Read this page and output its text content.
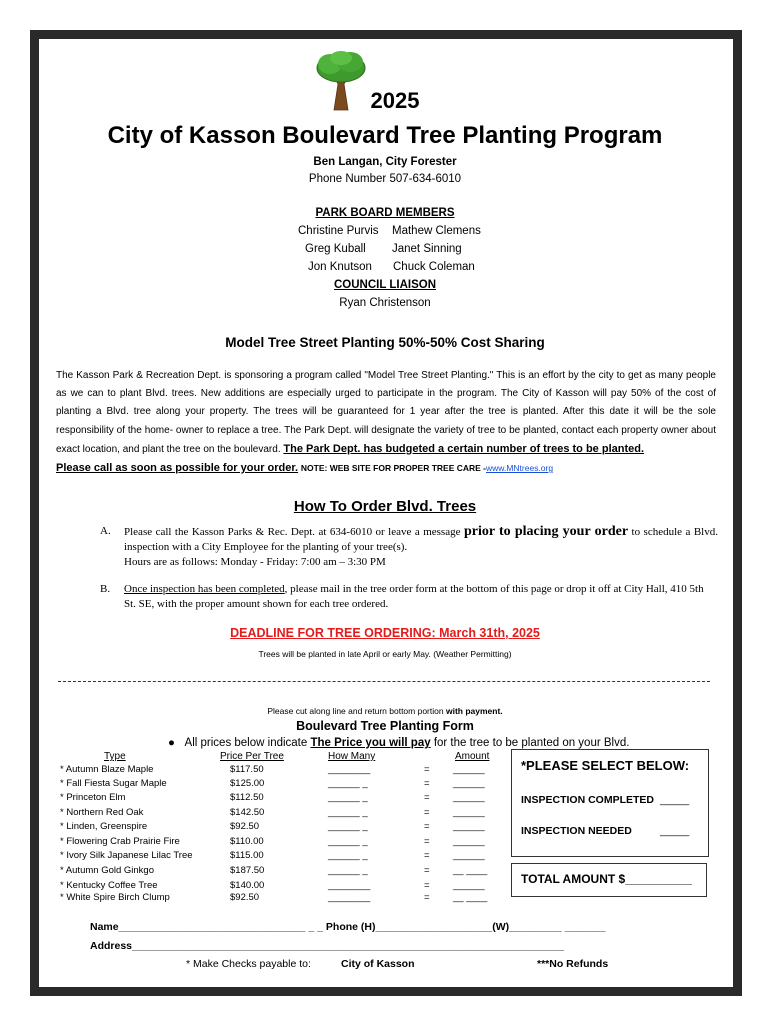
2025
City of Kasson Boulevard Tree Planting Program
Ben Langan, City Forester
Phone Number 507-634-6010
PARK BOARD MEMBERS
Christine Purvis Mathew Clemens
Greg Kuball Janet Sinning
Jon Knutson Chuck Coleman
COUNCIL LIAISON
Ryan Christenson
Model Tree Street Planting 50%-50% Cost Sharing
The Kasson Park & Recreation Dept. is sponsoring a program called "Model Tree Street Planting." This is an effort by the city to get as many people as we can to plant Blvd. trees. New additions are especially urged to participate in the program. The City of Kasson will pay 50% of the cost of planting a Blvd. tree along your property. The trees will be guaranteed for 1 year after the tree is planted. After this date it will be the sole responsibility of the home- owner to replace a tree. The Park Dept. will designate the variety of tree to be planted, contact each property owner about exact location, and plant the tree on the boulevard. The Park Dept. has budgeted a certain number of trees to be planted.
Please call as soon as possible for your order. NOTE: WEB SITE FOR PROPER TREE CARE -www.MNtrees.org
How To Order Blvd. Trees
A. Please call the Kasson Parks & Rec. Dept. at 634-6010 or leave a message prior to placing your order to schedule a Blvd. inspection with a City Employee for the planting of your tree(s).
Hours are as follows: Monday - Friday: 7:00 am – 3:30 PM
B. Once inspection has been completed, please mail in the tree order form at the bottom of this page or drop it off at City Hall, 410 5th St. SE, with the proper amount shown for each tree ordered.
DEADLINE FOR TREE ORDERING: March 31th, 2025
Trees will be planted in late April or early May. (Weather Permitting)
Please cut along line and return bottom portion with payment.
Boulevard Tree Planting Form
● All prices below indicate The Price you will pay for the tree to be planted on your Blvd.
Type	Price Per Tree	How Many	Amount
* Autumn Blaze Maple	$117.50	________	= ______
* Fall Fiesta Sugar Maple	$125.00	______ _	= ______
* Princeton Elm	$112.50	______ _	= ______
* Northern Red Oak	$142.50	______ _	= ______
* Linden, Greenspire	$92.50	______ _	= ______
* Flowering Crab Prairie Fire	$110.00	______ _	= ______
* Ivory Silk Japanese Lilac Tree	$115.00	______ _	= ______
* Autumn Gold Ginkgo	$187.50	______ _	= __ ____
* Kentucky Coffee Tree	$140.00	________	= ______
* White Spire Birch Clump	$92.50	________	= __ ____
*PLEASE SELECT BELOW:
INSPECTION COMPLETED _____
INSPECTION NEEDED	_____
TOTAL AMOUNT $__________
Name________________________________ _ _ Phone (H)____________________(W)_________ _______
Address__________________________________________________________________________
* Make Checks payable to:	City of Kasson	***No Refunds
